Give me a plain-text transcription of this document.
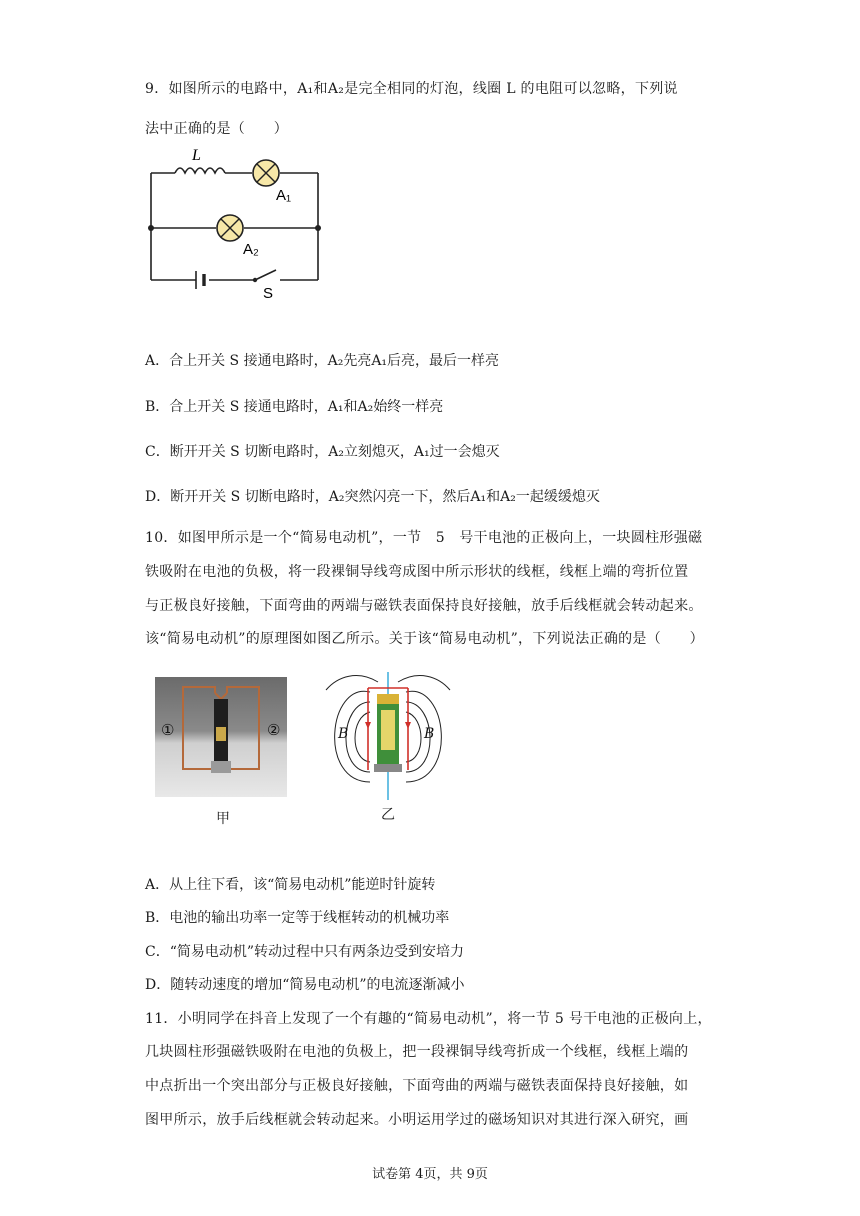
9．如图所示的电路中，A₁和A₂是完全相同的灯泡，线圈 L 的电阻可以忽略，下列说
法中正确的是（　　）
L
A₁
A₂
S
A．合上开关 S 接通电路时，A₂先亮A₁后亮，最后一样亮
B．合上开关 S 接通电路时，A₁和A₂始终一样亮
C．断开开关 S 切断电路时，A₂立刻熄灭，A₁过一会熄灭
D．断开开关 S 切断电路时，A₂突然闪亮一下，然后A₁和A₂一起缓缓熄灭
10．如图甲所示是一个“简易电动机”，一节　5　号干电池的正极向上，一块圆柱形强磁
铁吸附在电池的负极，将一段裸铜导线弯成图中所示形状的线框，线框上端的弯折位置
与正极良好接触，下面弯曲的两端与磁铁表面保持良好接触，放手后线框就会转动起来。
该“简易电动机”的原理图如图乙所示。关于该“简易电动机”，下列说法正确的是（　　）
①	②
甲
B	B
乙
A．从上往下看，该“简易电动机”能逆时针旋转
B．电池的输出功率一定等于线框转动的机械功率
C．“简易电动机”转动过程中只有两条边受到安培力
D．随转动速度的增加“简易电动机”的电流逐渐减小
11．小明同学在抖音上发现了一个有趣的“简易电动机”，将一节 5 号干电池的正极向上，
几块圆柱形强磁铁吸附在电池的负极上，把一段裸铜导线弯折成一个线框，线框上端的
中点折出一个突出部分与正极良好接触，下面弯曲的两端与磁铁表面保持良好接触，如
图甲所示，放手后线框就会转动起来。小明运用学过的磁场知识对其进行深入研究，画
试卷第 4页，共 9页
